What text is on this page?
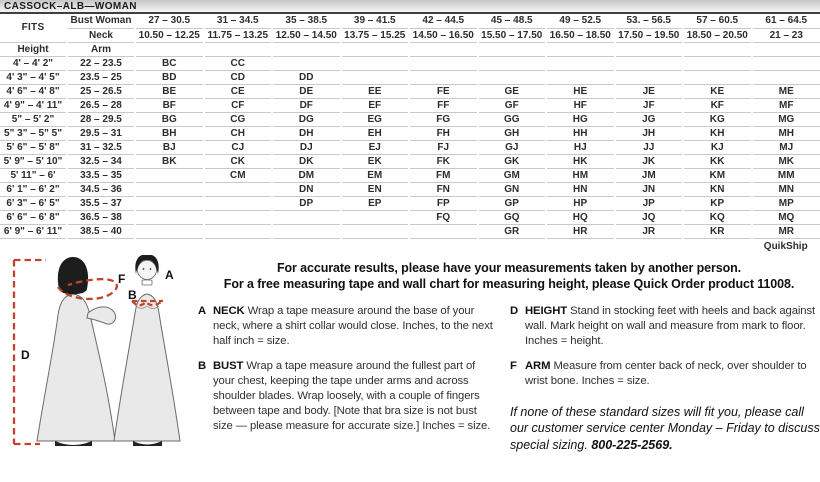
CASSOCK–ALB—WOMAN
FITS	Bust Woman	27 – 30.5	31 – 34.5	35 – 38.5	39 – 41.5	42 – 44.5	45 – 48.5	49 – 52.5	53. – 56.5	57 – 60.5	61 – 64.5
	Neck	10.50 – 12.25	11.75 – 13.25	12.50 – 14.50	13.75 – 15.25	14.50 – 16.50	15.50 – 17.50	16.50 – 18.50	17.50 – 19.50	18.50 – 20.50	21 – 23
Height	Arm										
4' – 4' 2"	22 – 23.5	BC	CC								
4' 3" – 4' 5"	23.5 – 25	BD	CD	DD							
4' 6" – 4' 8"	25 – 26.5	BE	CE	DE	EE	FE	GE	HE	JE	KE	ME
4' 9" – 4' 11"	26.5 – 28	BF	CF	DF	EF	FF	GF	HF	JF	KF	MF
5" – 5' 2"	28 – 29.5	BG	CG	DG	EG	FG	GG	HG	JG	KG	MG
5" 3" – 5" 5"	29.5 – 31	BH	CH	DH	EH	FH	GH	HH	JH	KH	MH
5' 6" – 5' 8"	31 – 32.5	BJ	CJ	DJ	EJ	FJ	GJ	HJ	JJ	KJ	MJ
5' 9" – 5' 10"	32.5 – 34	BK	CK	DK	EK	FK	GK	HK	JK	KK	MK
5' 11" – 6'	33.5 – 35		CM	DM	EM	FM	GM	HM	JM	KM	MM
6' 1" – 6' 2"	34.5 – 36			DN	EN	FN	GN	HN	JN	KN	MN
6' 3" – 6' 5"	35.5 – 37			DP	EP	FP	GP	HP	JP	KP	MP
6' 6" – 6' 8"	36.5 – 38					FQ	GQ	HQ	JQ	KQ	MQ
6' 9" – 6' 11"	38.5 – 40						GR	HR	JR	KR	MR
											QuikShip
D
F	A
B
For accurate results, please have your measurements taken by another person.
For a free measuring tape and wall chart for measuring height, please Quick Order product 11008.
A NECK Wrap a tape measure around the base of your neck, where a shirt collar would close. Inches, to the next half inch = size.
B BUST Wrap a tape measure around the fullest part of your chest, keeping the tape under arms and across shoulder blades. Wrap loosely, with a couple of fingers between tape and body. [Note that bra size is not bust size — please measure for accurate size.] Inches = size.
D HEIGHT Stand in stocking feet with heels and back against wall. Mark height on wall and measure from mark to floor. Inches = height.
F ARM Measure from center back of neck, over shoulder to wrist bone. Inches = size.

If none of these standard sizes will fit you, please call our customer service center Monday – Friday to discuss special sizing. 800-225-2569.
